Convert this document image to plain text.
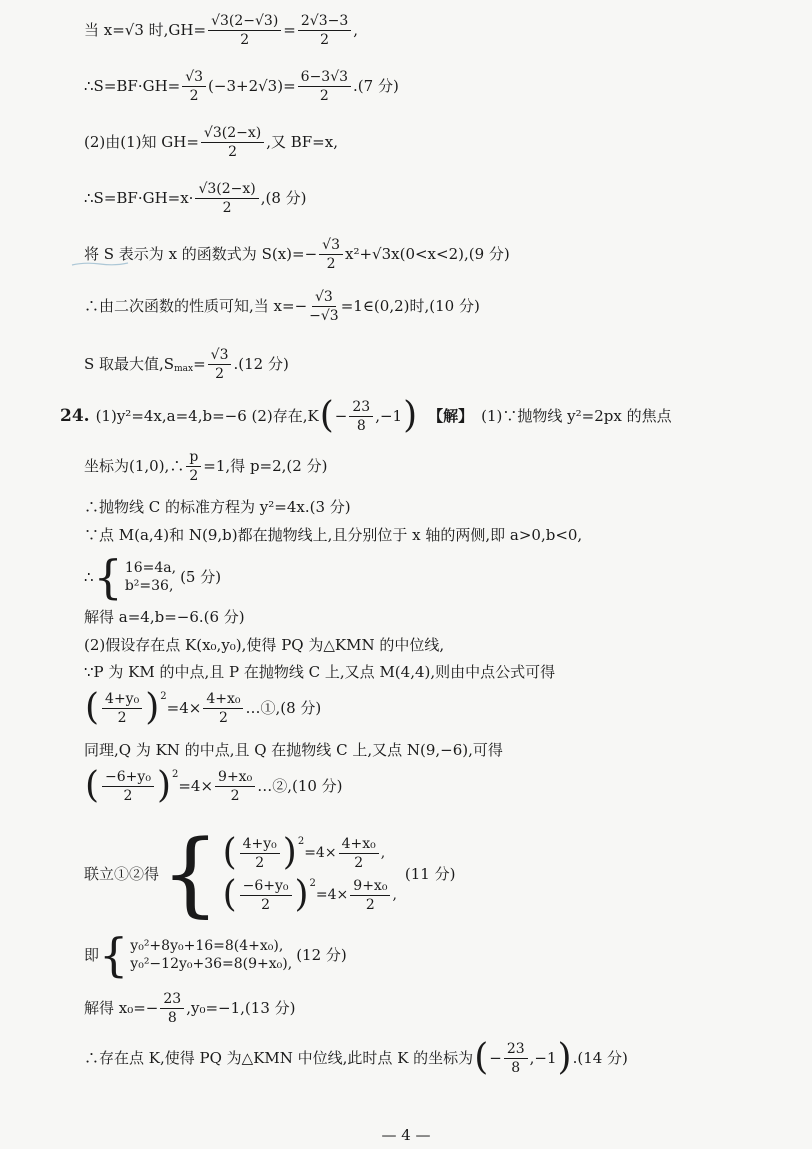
当 x=√3 时$,GH= \frac{√3(2-√3)}{2} = \frac{2√3-3}{2}$ ,
∴S=BF·GH= $\frac{√3}{2} (-3+2√3)= \frac{6-3√3}{2} .(7$ 分)
(2)由(1)知 $GH= \frac{√3(2-x)}{2}$ ,又 BF=x,
∴S=BF·GH=x· $\frac{√3(2-x)}{2} ,(8$ 分)
将 S 表示为 x 的函数式为 $S(x)=- \frac{√3}{2} x^2+√3x(0<x<2),(9$ 分)
∴由二次函数的性质可知,当 $x=- \frac{√3}{-√3}$ =1∈(0,2)时,(10 分)
S 取最大值$,S_{max} = \frac{√3}{2} .(12$ 分)
24. (1)y²=4x,a=4,b=−6 (2)存在,K ( − $\frac{23}{8} ,-1$ ) 【解】 (1)∵抛物线 y²=2px 的焦点
坐标为(1,0),∴ $\frac{p}{2} =1$,得 p=2,(2 分)
∴抛物线 C 的标准方程为 y²=4x.(3 分)
∵点 M(a,4)和 N(9,b)都在抛物线上,且分别位于 x 轴的两侧,即 a>0,b<0,
∴ { 16=4a,
b²=36,
(5 分)
解得 a=4,b=−6.(6 分)
(2)假设存在点 K(x₀,y₀),使得 PQ 为△KMN 的中位线,
∵P 为 KM 的中点,且 P 在抛物线 C 上,又点 M(4,4),则由中点公式可得
( $\frac{\text{4+y₀}}{2} )^2$
$=4\times \frac{\text{4+x₀}}{2}$ …①,(8 分)
同理,Q 为 KN 的中点,且 Q 在抛物线 C 上,又点 N(9,−6),可得
( $\frac{\text{−6+y₀}}{2} )^2$
$=4\times \frac{\text{9+x₀}}{2}$ …②,(10 分)
联立①②得 { ( $\frac{\text{4+y₀}}{2} )^2$
$=4\times \frac{\text{4+x₀}}{2}$ ,
( $\frac{\text{−6+y₀}}{2} )^2$
$=4\times \frac{\text{9+x₀}}{2}$ ,
(11 分)
即 { y₀²+8y₀+16=8(4+x₀),
y₀²−12y₀+36=8(9+x₀),
(12 分)
解得 $x_0=- \frac{23}{8} ,y_0=-1,(13$ 分)
∴存在点 K,使得 PQ 为△KMN 中位线,此时点 K 的坐标为 ( − $\frac{23}{8} ,-1$ ) .(14 分)
— 4 —
